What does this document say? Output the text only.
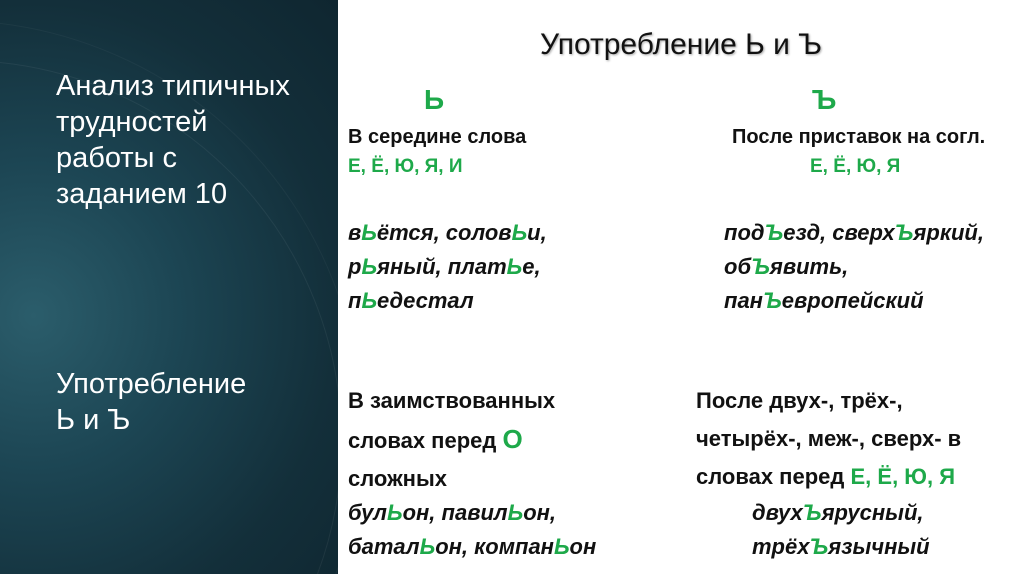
Анализ типичных
трудностей
работы с
заданием 10
Употребление
Ь и Ъ
Употребление Ь и Ъ
Ь
В середине слова
Е, Ё, Ю, Я, И
вЬётся, соловЬи,
рЬяный, платЬе,
пЬедестал
В заимствованных
словах перед О
сложных
булЬон, павилЬон,
баталЬон, компанЬон
Ъ
После приставок на согл.
Е, Ё, Ю, Я
подЪезд, сверхЪяркий,
обЪявить,
панЪевропейский
После двух-, трёх-,
четырёх-, меж-, сверх- в
словах перед Е, Ё, Ю, Я
двухЪярусный,
трёхЪязычный
